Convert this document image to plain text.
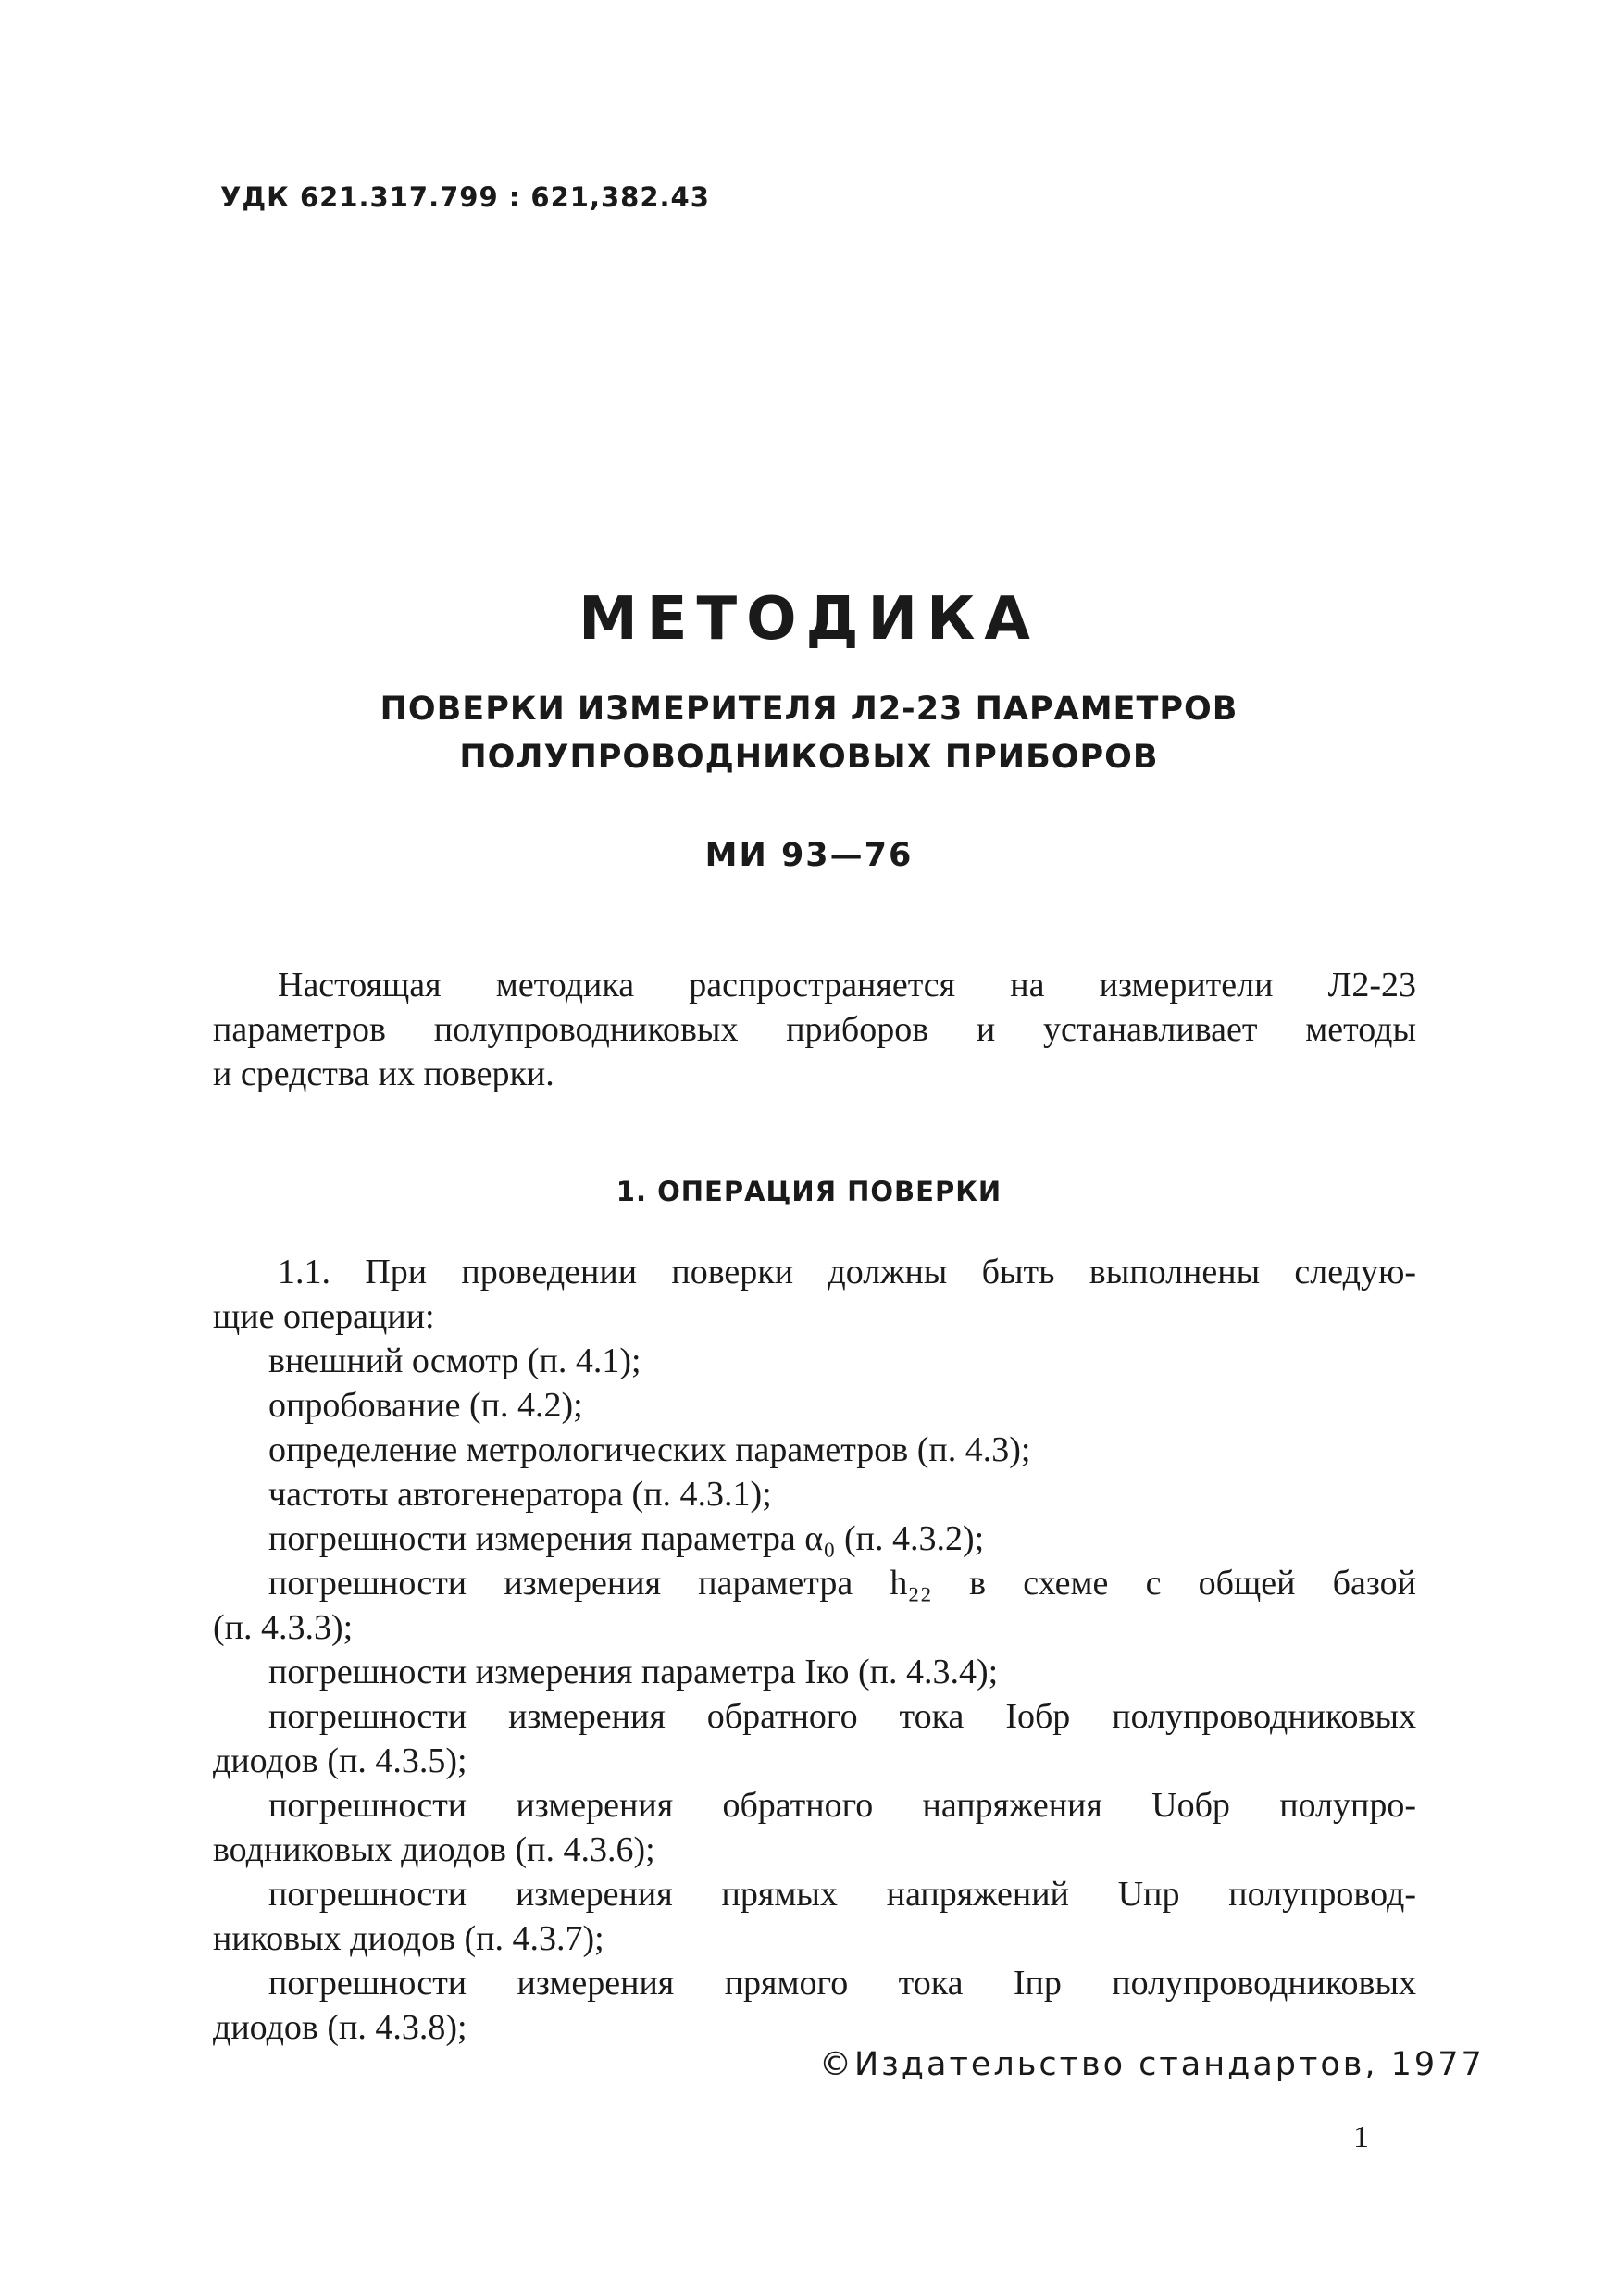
УДК 621.317.799 : 621,382.43
МЕТОДИКА
ПОВЕРКИ ИЗМЕРИТЕЛЯ Л2-23 ПАРАМЕТРОВ
ПОЛУПРОВОДНИКОВЫХ ПРИБОРОВ
МИ 93—76
Настоящая методика распространяется на измерители Л2-23
параметров полупроводниковых приборов и устанавливает методы
и средства их поверки.
1. ОПЕРАЦИЯ ПОВЕРКИ
1.1. При проведении поверки должны быть выполнены следую-
щие операции:
внешний осмотр (п. 4.1);
опробование (п. 4.2);
определение метрологических параметров (п. 4.3);
частоты автогенератора (п. 4.3.1);
погрешности измерения параметра α₀ (п. 4.3.2);
погрешности измерения параметра h₂₂ в схеме с общей базой
(п. 4.3.3);
погрешности измерения параметра Iко (п. 4.3.4);
погрешности измерения обратного тока Iобр полупроводниковых
диодов (п. 4.3.5);
погрешности измерения обратного напряжения Uобр полупро-
водниковых диодов (п. 4.3.6);
погрешности измерения прямых напряжений Uпр полупровод-
никовых диодов (п. 4.3.7);
погрешности измерения прямого тока Iпр полупроводниковых
диодов (п. 4.3.8);
©Издательство стандартов, 1977
1
